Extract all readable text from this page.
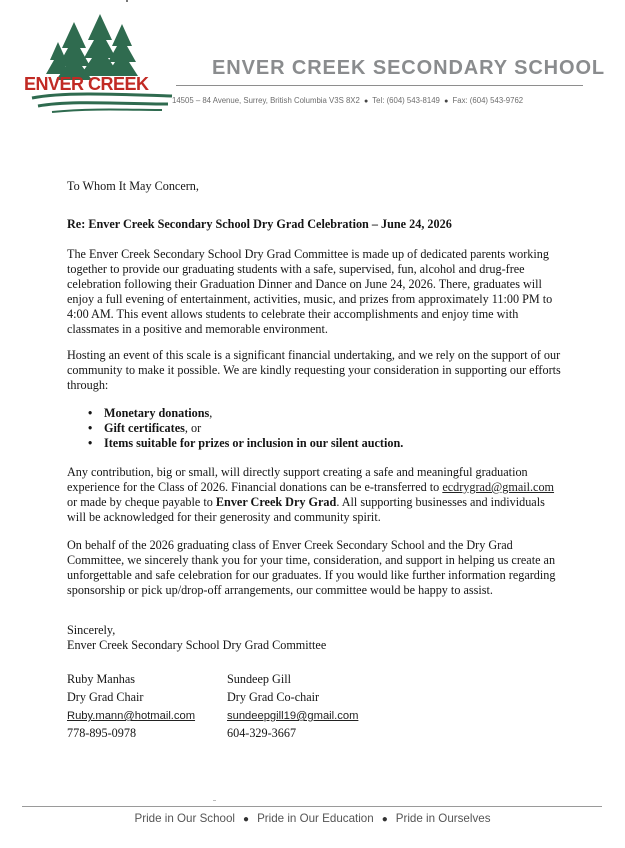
ENVER CREEK
ENVER CREEK SECONDARY SCHOOL
14505 – 84 Avenue, Surrey, British Columbia V3S 8X2 ● Tel: (604) 543-8149 ● Fax: (604) 543-9762
To Whom It May Concern,
Re: Enver Creek Secondary School Dry Grad Celebration – June 24, 2026
The Enver Creek Secondary School Dry Grad Committee is made up of dedicated parents working together to provide our graduating students with a safe, supervised, fun, alcohol and drug-free celebration following their Graduation Dinner and Dance on June 24, 2026. There, graduates will enjoy a full evening of entertainment, activities, music, and prizes from approximately 11:00 PM to 4:00 AM. This event allows students to celebrate their accomplishments and enjoy time with classmates in a positive and memorable environment.
Hosting an event of this scale is a significant financial undertaking, and we rely on the support of our community to make it possible. We are kindly requesting your consideration in supporting our efforts through:
• Monetary donations,
• Gift certificates, or
• Items suitable for prizes or inclusion in our silent auction.
Any contribution, big or small, will directly support creating a safe and meaningful graduation experience for the Class of 2026. Financial donations can be e-transferred to ecdrygrad@gmail.com or made by cheque payable to Enver Creek Dry Grad. All supporting businesses and individuals will be acknowledged for their generosity and community spirit.
On behalf of the 2026 graduating class of Enver Creek Secondary School and the Dry Grad Committee, we sincerely thank you for your time, consideration, and support in helping us create an unforgettable and safe celebration for our graduates. If you would like further information regarding sponsorship or pick up/drop-off arrangements, our committee would be happy to assist.
Sincerely,
Enver Creek Secondary School Dry Grad Committee
Ruby Manhas
Dry Grad Chair
Ruby.mann@hotmail.com
778-895-0978
Sundeep Gill
Dry Grad Co-chair
sundeepgill19@gmail.com
604-329-3667
Pride in Our School ● Pride in Our Education ● Pride in Ourselves
